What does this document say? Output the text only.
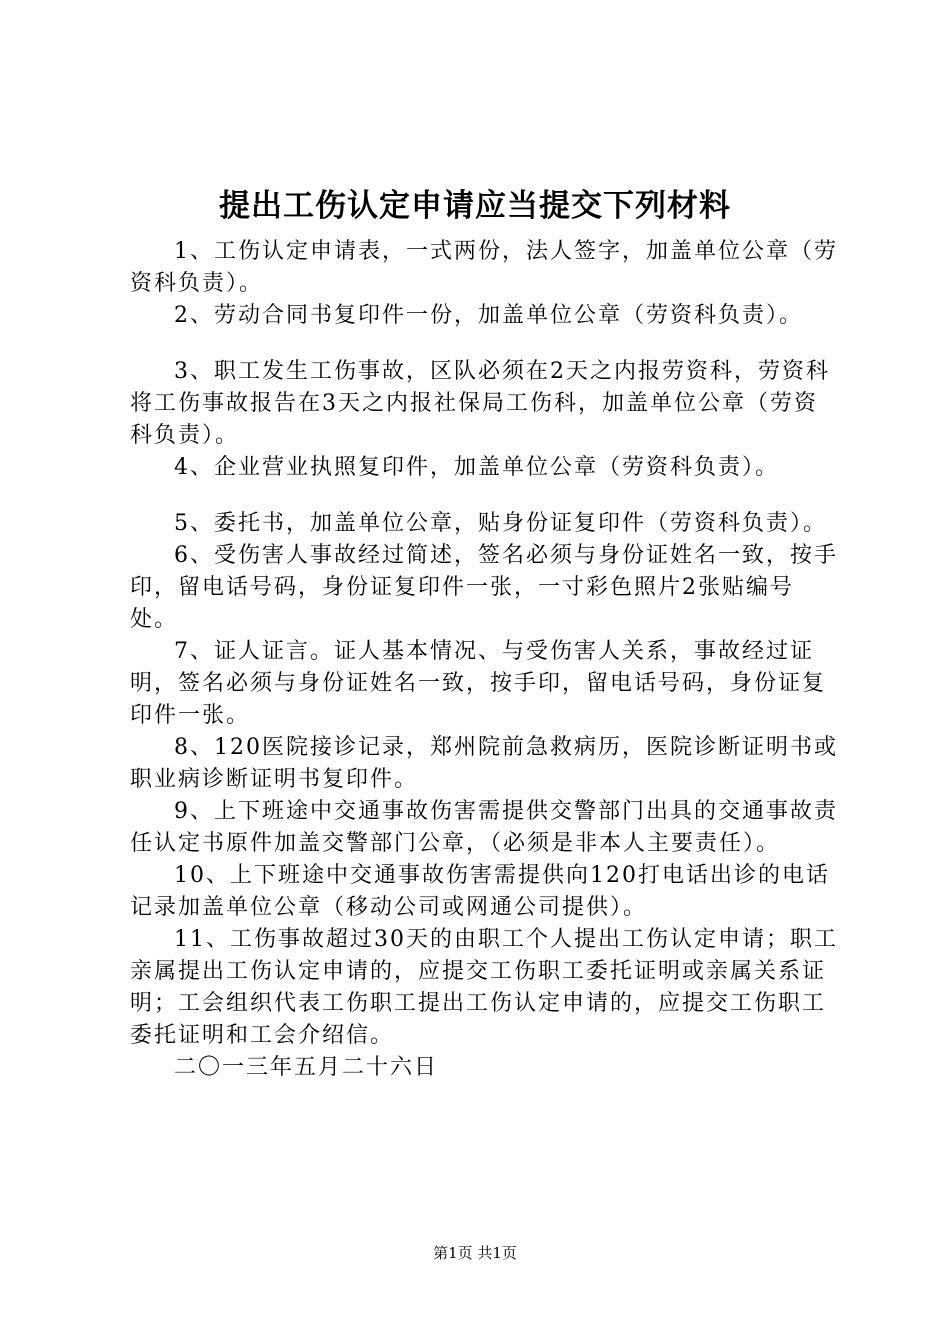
提出工伤认定申请应当提交下列材料

1、工伤认定申请表，一式两份，法人签字，加盖单位公章（劳资科负责）。

2、劳动合同书复印件一份，加盖单位公章（劳资科负责）。

3、职工发生工伤事故，区队必须在2天之内报劳资科，劳资科将工伤事故报告在3天之内报社保局工伤科，加盖单位公章（劳资科负责）。

4、企业营业执照复印件，加盖单位公章（劳资科负责）。

5、委托书，加盖单位公章，贴身份证复印件（劳资科负责）。

6、受伤害人事故经过简述，签名必须与身份证姓名一致，按手印，留电话号码，身份证复印件一张，一寸彩色照片2张贴编号处。

7、证人证言。证人基本情况、与受伤害人关系，事故经过证明，签名必须与身份证姓名一致，按手印，留电话号码，身份证复印件一张。

8、120医院接诊记录，郑州院前急救病历，医院诊断证明书或职业病诊断证明书复印件。

9、上下班途中交通事故伤害需提供交警部门出具的交通事故责任认定书原件加盖交警部门公章，（必须是非本人主要责任）。

10、上下班途中交通事故伤害需提供向120打电话出诊的电话记录加盖单位公章（移动公司或网通公司提供）。

11、工伤事故超过30天的由职工个人提出工伤认定申请；职工亲属提出工伤认定申请的，应提交工伤职工委托证明或亲属关系证明；工会组织代表工伤职工提出工伤认定申请的，应提交工伤职工委托证明和工会介绍信。

二〇一三年五月二十六日

第1页 共1页
